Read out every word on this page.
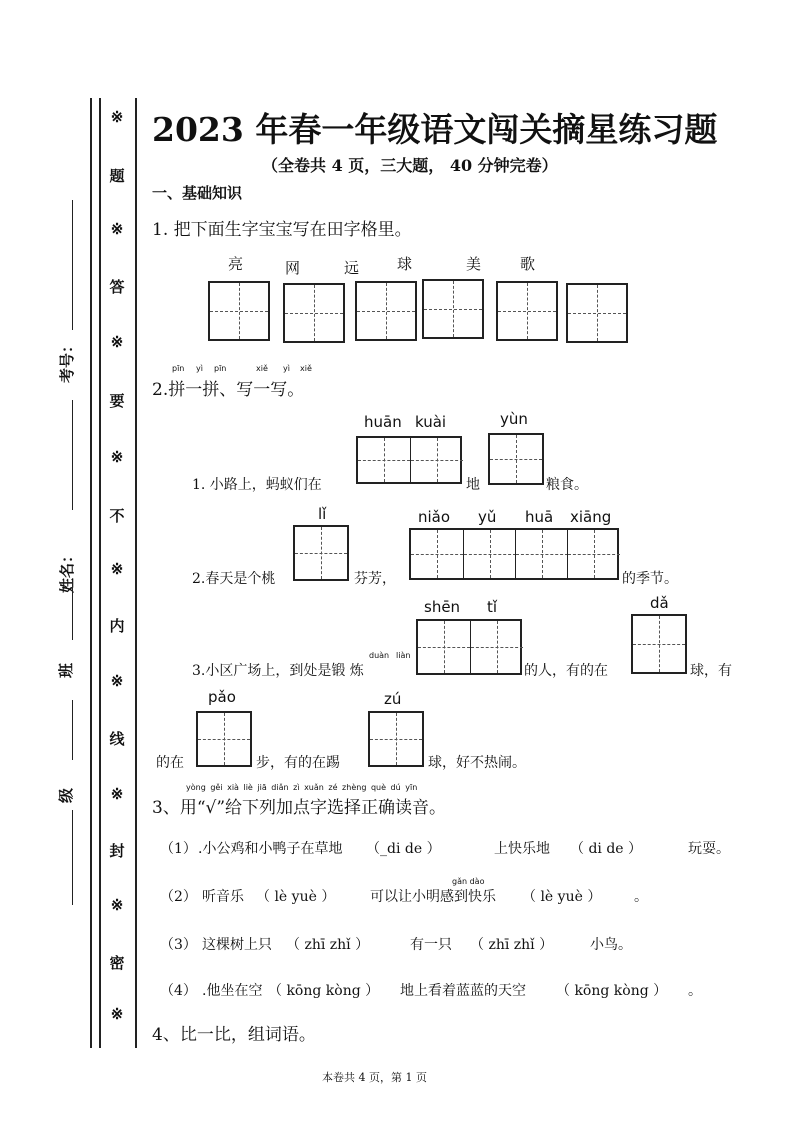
※
题
※
答
※
要
※
不
※
内
※
线
※
封
※
密
※
考号：
姓名：
班
级
2023 年春一年级语文闯关摘星练习题
（全卷共 4 页，三大题， 40 分钟完卷）
一、基础知识
1. 把下面生字宝宝写在田字格里。
亮	网	远	球	美	歌
pīn yì pīn	xiě yì xiě
2.拼一拼、写一写。
huān kuài	yùn
1. 小路上，蚂蚁们在	地	粮食。
lǐ	niǎo yǔ huā xiāng
2.春天是个桃	芬芳，	的季节。
shēn tǐ	dǎ
duàn liàn
3.小区广场上，到处是锻 炼	的人，有的在	球，有
pǎo	zú
的在	步，有的在踢	球，好不热闹。
yòng gěi xià liè jiā diǎn zì xuǎn zé zhèng què dú yīn
3、用“√”给下列加点字选择正确读音。
（1） .小公鸡和小鸭子在草地 （_di de ）	上快乐地 （ di de ）	玩耍。
gǎn dào
（2） 听音乐 （ lè yuè ） 可以让小明感到快乐 （ lè yuè ） 。
（3） 这棵树上只 （ zhī zhǐ ）	有一只 （ zhī zhǐ ）	小鸟。
（4） .他坐在空 （ kōng kòng ） 地上看着蓝蓝的天空 （ kōng kòng ） 。
4、比一比，组词语。
本卷共 4 页，第 1 页
